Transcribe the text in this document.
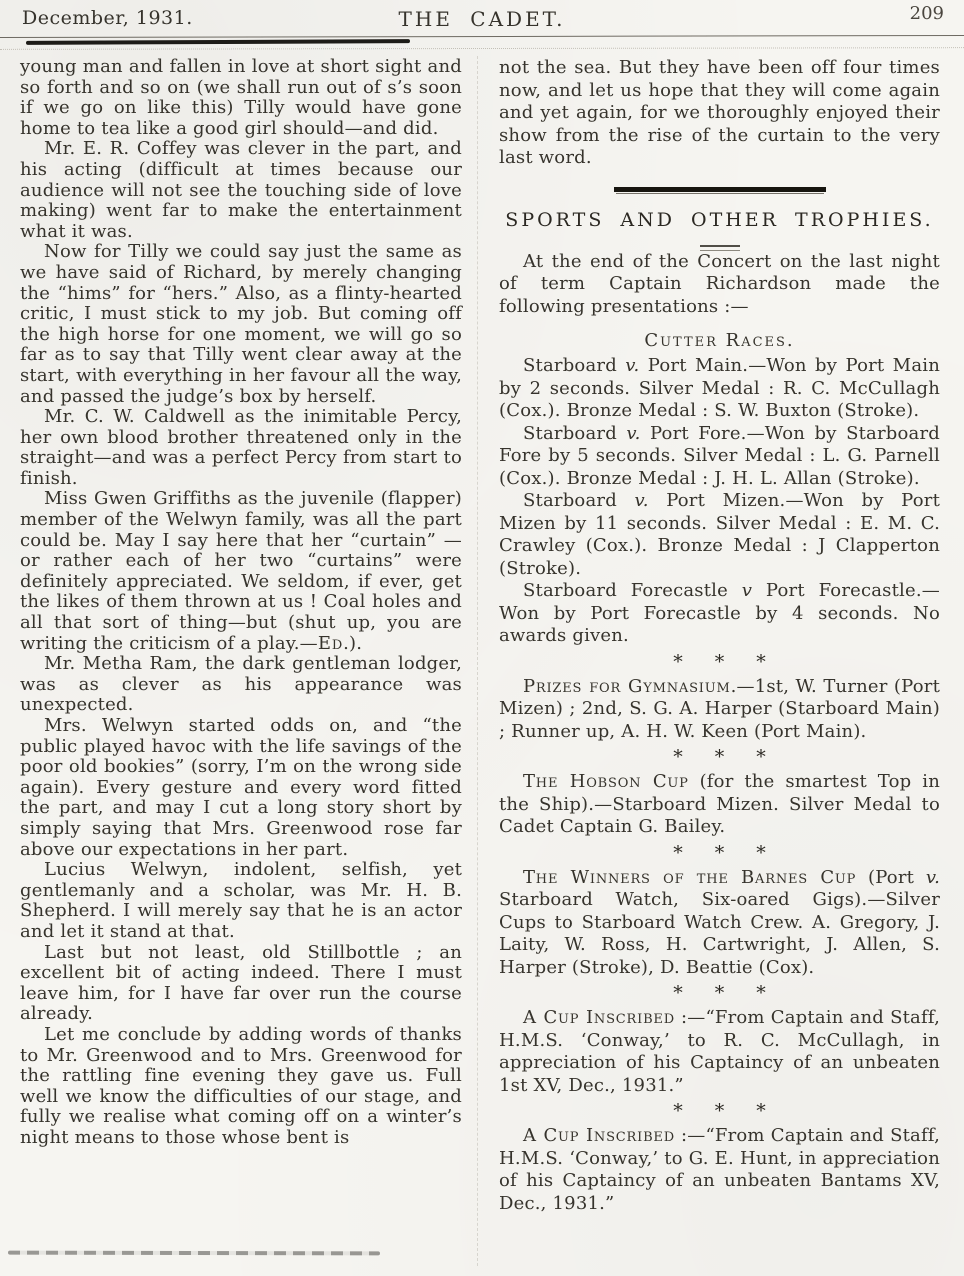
December, 1931.	THE CADET.	209

young man and fallen in love at short sight and so forth and so on (we shall run out of s’s soon if we go on like this) Tilly would have gone home to tea like a good girl should—and did.

Mr. E. R. Coffey was clever in the part, and his acting (difficult at times because our audience will not see the touching side of love making) went far to make the entertainment what it was.

Now for Tilly we could say just the same as we have said of Richard, by merely changing the “hims” for “hers.” Also, as a flinty-hearted critic, I must stick to my job. But coming off the high horse for one moment, we will go so far as to say that Tilly went clear away at the start, with everything in her favour all the way, and passed the judge’s box by herself.

Mr. C. W. Caldwell as the inimitable Percy, her own blood brother threatened only in the straight—and was a perfect Percy from start to finish.

Miss Gwen Griffiths as the juvenile (flapper) member of the Welwyn family, was all the part could be. May I say here that her “curtain” —or rather each of her two “curtains” were definitely appreciated. We seldom, if ever, get the likes of them thrown at us ! Coal holes and all that sort of thing—but (shut up, you are writing the criticism of a play.—Ed.).

Mr. Metha Ram, the dark gentleman lodger, was as clever as his appearance was unexpected.

Mrs. Welwyn started odds on, and “the public played havoc with the life savings of the poor old bookies” (sorry, I’m on the wrong side again). Every gesture and every word fitted the part, and may I cut a long story short by simply saying that Mrs. Greenwood rose far above our expectations in her part.

Lucius Welwyn, indolent, selfish, yet gentlemanly and a scholar, was Mr. H. B. Shepherd. I will merely say that he is an actor and let it stand at that.

Last but not least, old Stillbottle ; an excellent bit of acting indeed. There I must leave him, for I have far over run the course already.

Let me conclude by adding words of thanks to Mr. Greenwood and to Mrs. Greenwood for the rattling fine evening they gave us. Full well we know the difficulties of our stage, and fully we realise what coming off on a winter’s night means to those whose bent is

not the sea. But they have been off four times now, and let us hope that they will come again and yet again, for we thoroughly enjoyed their show from the rise of the curtain to the very last word.

SPORTS AND OTHER TROPHIES.

At the end of the Concert on the last night of term Captain Richardson made the following presentations :—

Cutter Races.

Starboard v. Port Main.—Won by Port Main by 2 seconds. Silver Medal : R. C. McCullagh (Cox.). Bronze Medal : S. W. Buxton (Stroke).

Starboard v. Port Fore.—Won by Starboard Fore by 5 seconds. Silver Medal : L. G. Parnell (Cox.). Bronze Medal : J. H. L. Allan (Stroke).

Starboard v. Port Mizen.—Won by Port Mizen by 11 seconds. Silver Medal : E. M. C. Crawley (Cox.). Bronze Medal : J Clapperton (Stroke).

Starboard Forecastle v Port Forecastle.—Won by Port Forecastle by 4 seconds. No awards given.

* * *

Prizes for Gymnasium.—1st, W. Turner (Port Mizen) ; 2nd, S. G. A. Harper (Starboard Main) ; Runner up, A. H. W. Keen (Port Main).

* * *

The Hobson Cup (for the smartest Top in the Ship).—Starboard Mizen. Silver Medal to Cadet Captain G. Bailey.

* * *

The Winners of the Barnes Cup (Port v. Starboard Watch, Six-oared Gigs).—Silver Cups to Starboard Watch Crew. A. Gregory, J. Laity, W. Ross, H. Cartwright, J. Allen, S. Harper (Stroke), D. Beattie (Cox).

* * *

A Cup Inscribed :—“From Captain and Staff, H.M.S. ‘Conway,’ to R. C. McCullagh, in appreciation of his Captaincy of an unbeaten 1st XV, Dec., 1931.”

* * *

A Cup Inscribed :—“From Captain and Staff, H.M.S. ‘Conway,’ to G. E. Hunt, in appreciation of his Captaincy of an unbeaten Bantams XV, Dec., 1931.”
